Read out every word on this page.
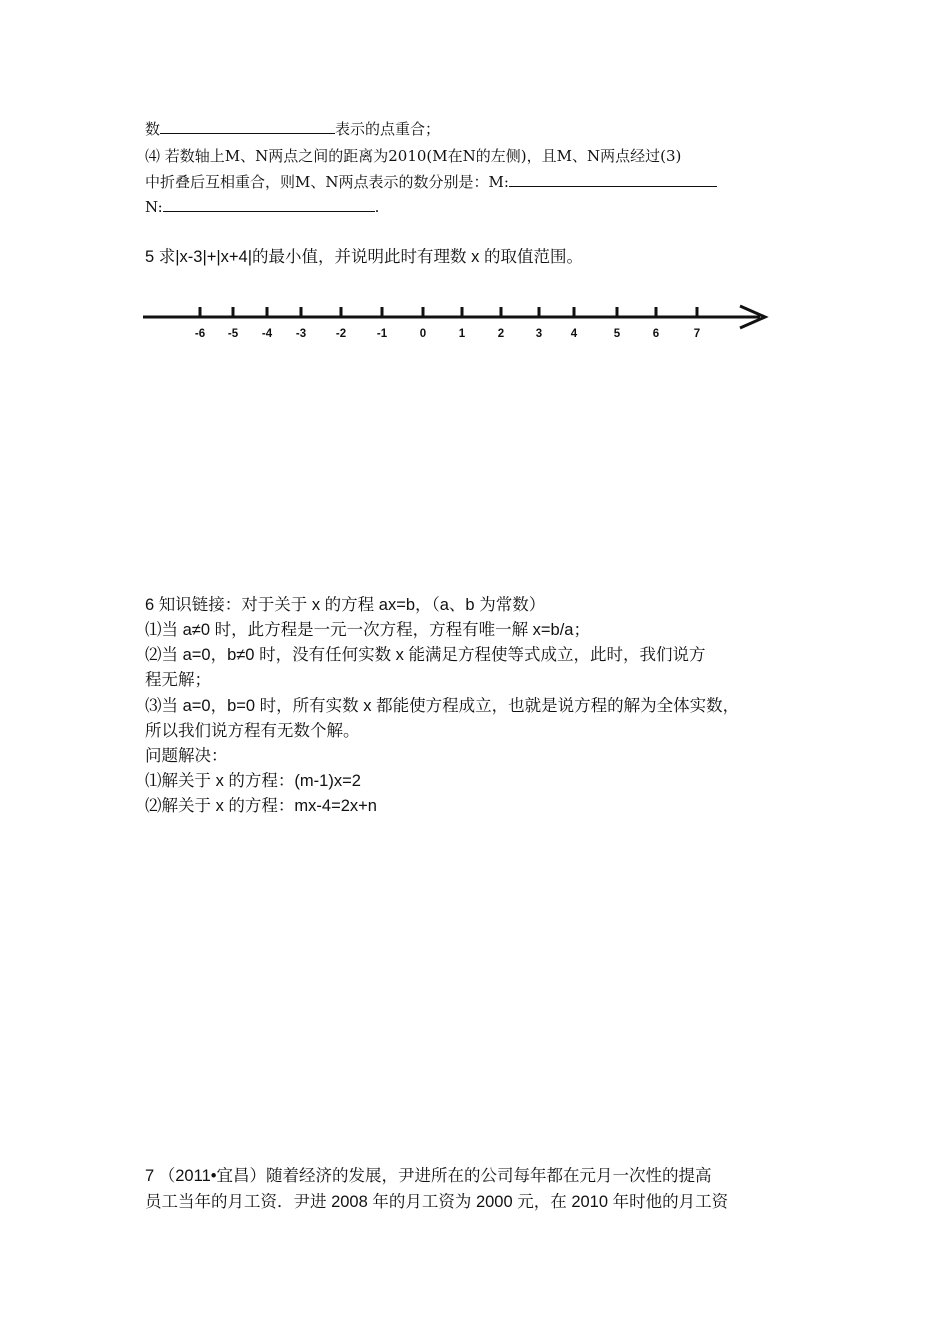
数	表示的点重合；
⑷ 若数轴上M、N两点之间的距离为2010(M在N的左侧)，且M、N两点经过(3)
中折叠后互相重合，则M、N两点表示的数分别是：M:
N:	.
5 求|x-3|+|x+4|的最小值，并说明此时有理数 x 的取值范围。
-6 -5 -4 -3	-2	-1	0	1	2	3 4	5	6	7
6 知识链接：对于关于 x 的方程 ax=b，（a、b 为常数）
⑴当 a≠0 时，此方程是一元一次方程，方程有唯一解 x=b/a；
⑵当 a=0，b≠0 时，没有任何实数 x 能满足方程使等式成立，此时，我们说方
程无解；
⑶当 a=0，b=0 时，所有实数 x 都能使方程成立，也就是说方程的解为全体实数，
所以我们说方程有无数个解。
问题解决：
⑴解关于 x 的方程：(m-1)x=2
⑵解关于 x 的方程：mx-4=2x+n
7 （2011•宜昌）随着经济的发展，尹进所在的公司每年都在元月一次性的提高
员工当年的月工资．尹进 2008 年的月工资为 2000 元，在 2010 年时他的月工资
